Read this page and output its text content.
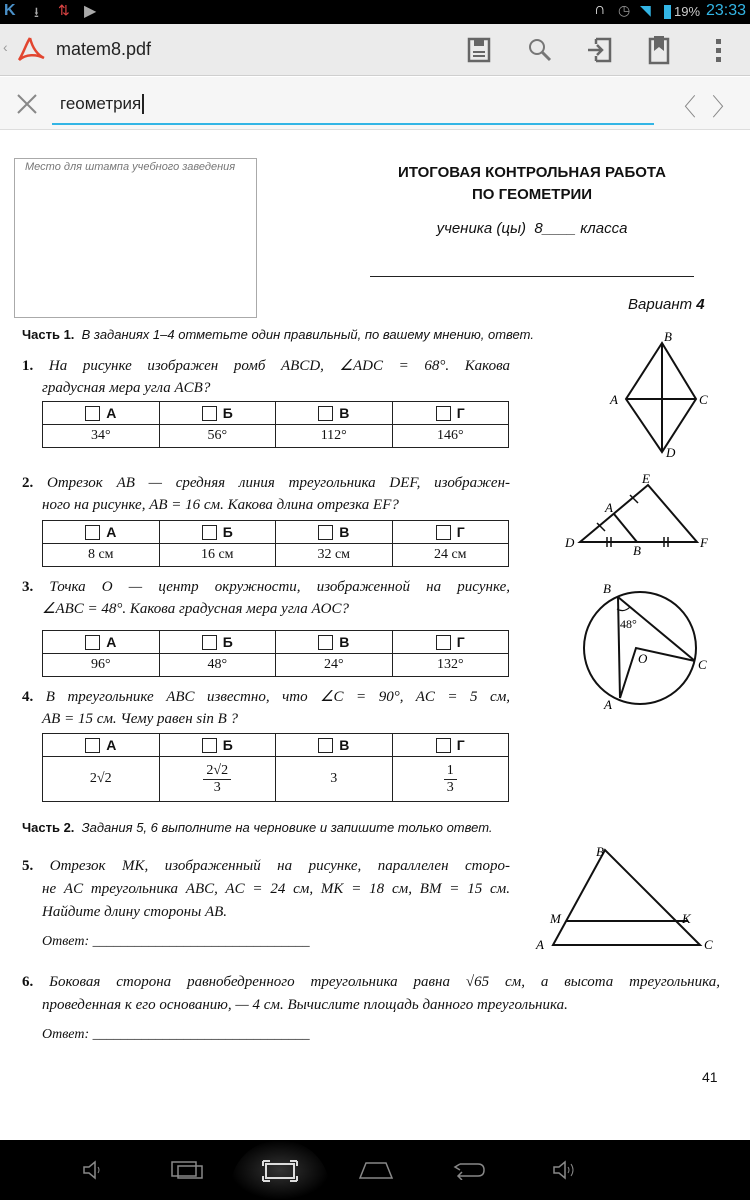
K ⭳ ⇅ ▶	∩ ◷ ◥ 19% 23:33
‹	matem8.pdf
геометрия	〈 〉
Место для штампа учебного заведения	ИТОГОВАЯ КОНТРОЛЬНАЯ РАБОТА
ПО ГЕОМЕТРИИ
ученика (цы)  8____ класса
Вариант 4
Часть 1. В заданиях 1–4 отметьте один правильный, по вашему мнению, ответ.
1. На рисунке изображен ромб ABCD, ∠ADC = 68°. Какова
градусная мера угла ACB?
А	Б	В	Г
34°	56°	112°	146°
2. Отрезок AB — средняя линия треугольника DEF, изображен-
ного на рисунке, AB = 16 см. Какова длина отрезка EF?
А	Б	В	Г
8 см	16 см	32 см	24 см
3. Точка O — центр окружности, изображенной на рисунке,
∠ABC = 48°. Какова градусная мера угла AOC?
А	Б	В	Г
96°	48°	24°	132°
4. В треугольнике ABC известно, что ∠C = 90°, AC = 5 см,
AB = 15 см. Чему равен sin B ?
А	Б	В	Г
2√2	$\frac{2√2}{3}$	3	$\frac{1}{3}$
Часть 2. Задания 5, 6 выполните на черновике и запишите только ответ.
5. Отрезок MK, изображенный на рисунке, параллелен сторо-
не AC треугольника ABC, AC = 24 см, MK = 18 см, BM = 15 см.
Найдите длину стороны AB.
Ответ: _______________________________
6. Боковая сторона равнобедренного треугольника равна √65 см, а высота треугольника,
проведенная к его основанию, — 4 см. Вычислите площадь данного треугольника.
Ответ: _______________________________
41
B
A	C
D
E
A
D
B
F
B
48°
O	C
A
B
M	K
A	C
